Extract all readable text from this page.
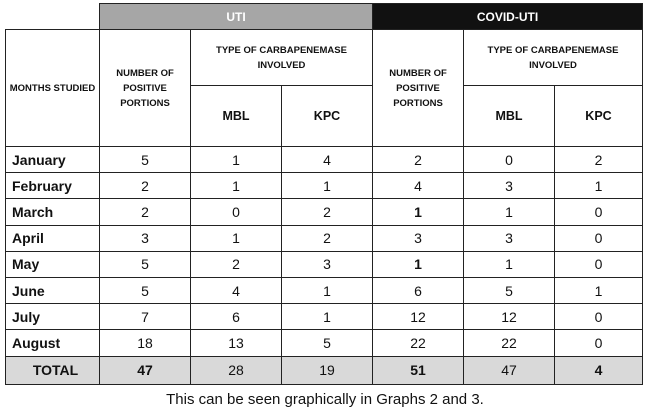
	UTI			COVID-UTI		
MONTHS STUDIED	NUMBER OF POSITIVE PORTIONS	TYPE OF CARBAPENEMASE INVOLVED		NUMBER OF POSITIVE PORTIONS	TYPE OF CARBAPENEMASE INVOLVED	
		MBL	KPC		MBL	KPC
January	5	1	4	2	0	2
February	2	1	1	4	3	1
March	2	0	2	1	1	0
April	3	1	2	3	3	0
May	5	2	3	1	1	0
June	5	4	1	6	5	1
July	7	6	1	12	12	0
August	18	13	5	22	22	0
TOTAL	47	28	19	51	47	4
This can be seen graphically in Graphs 2 and 3.
